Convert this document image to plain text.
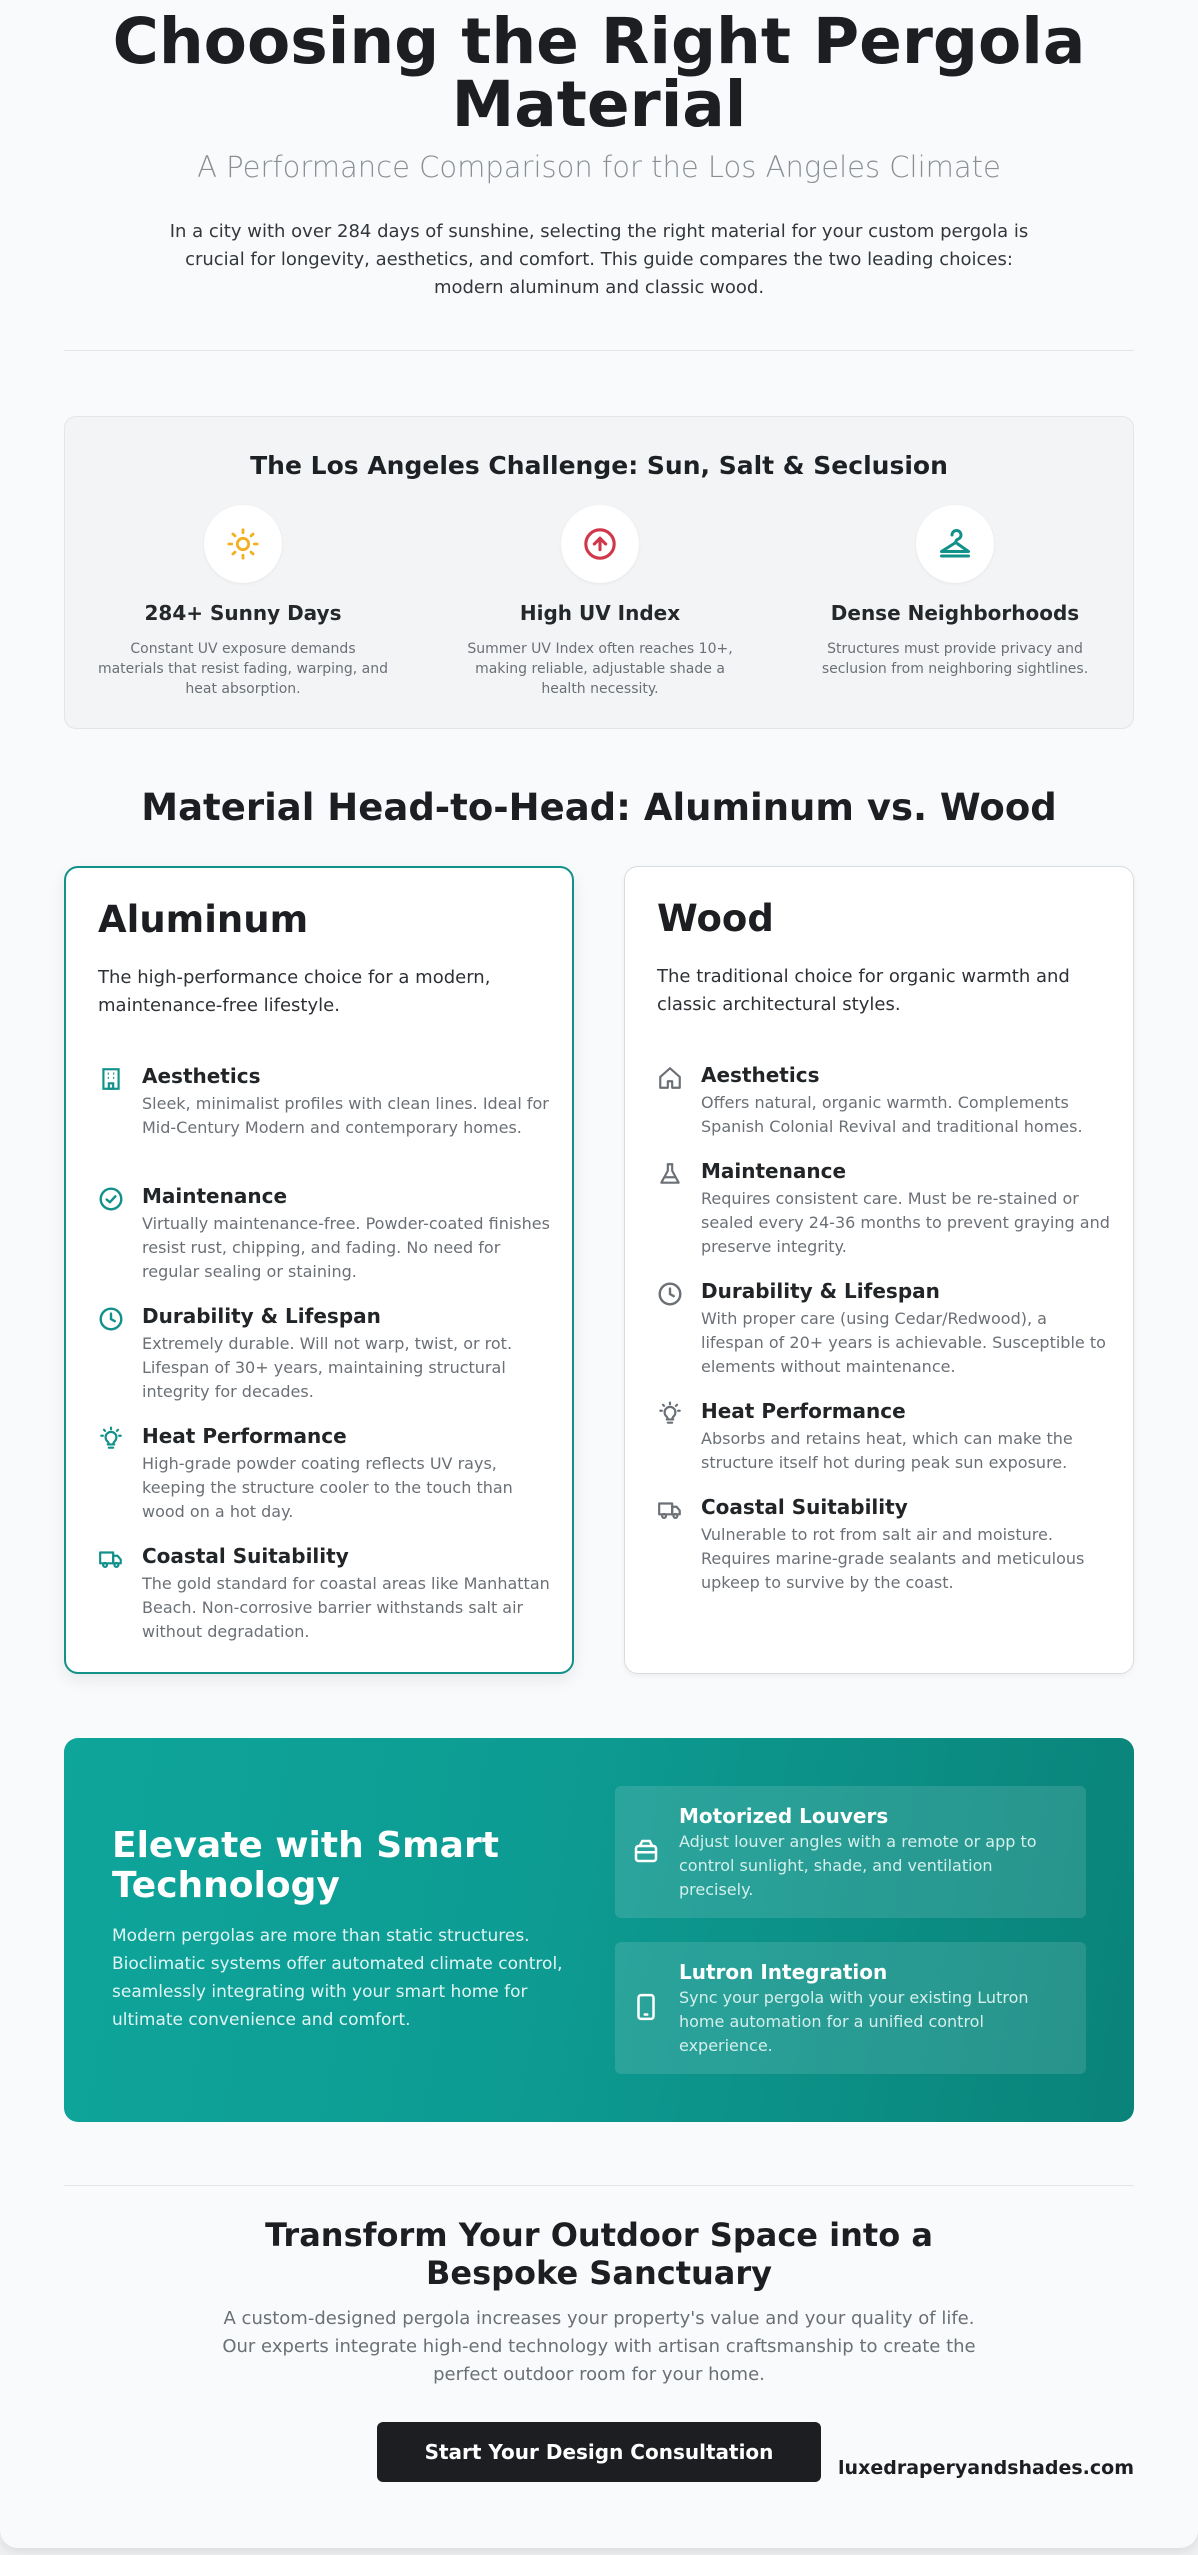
Choosing the Right Pergola Material
A Performance Comparison for the Los Angeles Climate

In a city with over 284 days of sunshine, selecting the right material for your custom pergola is crucial for longevity, aesthetics, and comfort. This guide compares the two leading choices: modern aluminum and classic wood.

The Los Angeles Challenge: Sun, Salt & Seclusion
284+ Sunny Days
Constant UV exposure demands materials that resist fading, warping, and heat absorption.
High UV Index
Summer UV Index often reaches 10+, making reliable, adjustable shade a health necessity.
Dense Neighborhoods
Structures must provide privacy and seclusion from neighboring sightlines.
Material Head-to-Head: Aluminum vs. Wood
Aluminum

The high-performance choice for a modern, maintenance-free lifestyle.

Aesthetics
Sleek, minimalist profiles with clean lines. Ideal for Mid-Century Modern and contemporary homes.
Maintenance
Virtually maintenance-free. Powder-coated finishes resist rust, chipping, and fading. No need for regular sealing or staining.
Durability & Lifespan
Extremely durable. Will not warp, twist, or rot. Lifespan of 30+ years, maintaining structural integrity for decades.
Heat Performance
High-grade powder coating reflects UV rays, keeping the structure cooler to the touch than wood on a hot day.
Coastal Suitability
The gold standard for coastal areas like Manhattan Beach. Non-corrosive barrier withstands salt air without degradation.
Wood

The traditional choice for organic warmth and classic architectural styles.

Aesthetics
Offers natural, organic warmth. Complements Spanish Colonial Revival and traditional homes.
Maintenance
Requires consistent care. Must be re-stained or sealed every 24-36 months to prevent graying and preserve integrity.
Durability & Lifespan
With proper care (using Cedar/Redwood), a lifespan of 20+ years is achievable. Susceptible to elements without maintenance.
Heat Performance
Absorbs and retains heat, which can make the structure itself hot during peak sun exposure.
Coastal Suitability
Vulnerable to rot from salt air and moisture. Requires marine-grade sealants and meticulous upkeep to survive by the coast.
Elevate with Smart Technology

Modern pergolas are more than static structures. Bioclimatic systems offer automated climate control, seamlessly integrating with your smart home for ultimate convenience and comfort.

Motorized Louvers
Adjust louver angles with a remote or app to control sunlight, shade, and ventilation precisely.
Lutron Integration
Sync your pergola with your existing Lutron home automation for a unified control experience.
Transform Your Outdoor Space into a Bespoke Sanctuary

A custom-designed pergola increases your property's value and your quality of life. Our experts integrate high-end technology with artisan craftsmanship to create the perfect outdoor room for your home.

Start Your Design Consultation
luxedraperyandshades.com
